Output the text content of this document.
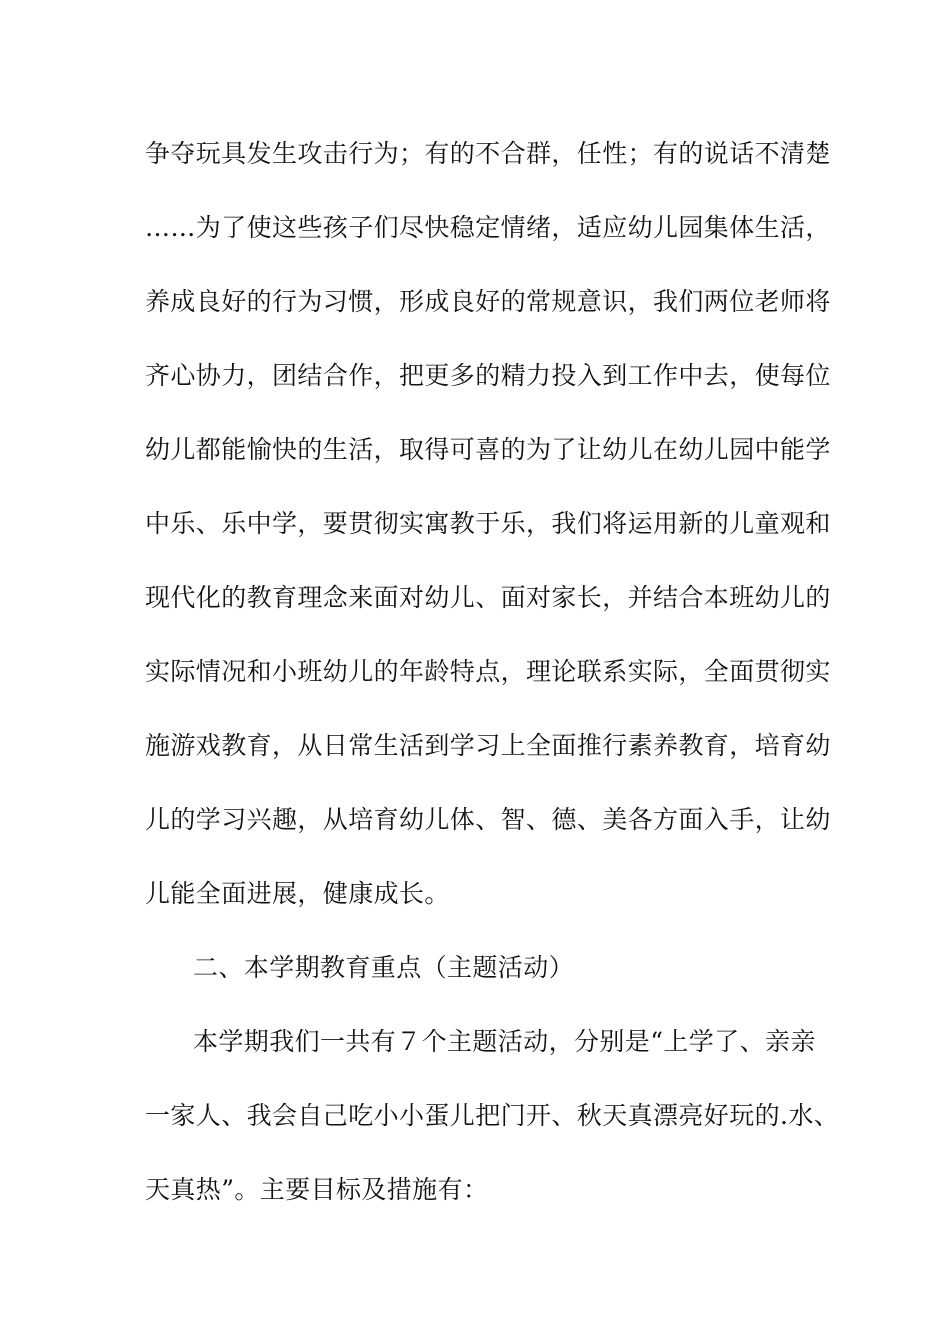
争夺玩具发生攻击行为；有的不合群，任性；有的说话不清楚
……为了使这些孩子们尽快稳定情绪，适应幼儿园集体生活，
养成良好的行为习惯，形成良好的常规意识，我们两位老师将
齐心协力，团结合作，把更多的精力投入到工作中去，使每位
幼儿都能愉快的生活，取得可喜的为了让幼儿在幼儿园中能学
中乐、乐中学，要贯彻实寓教于乐，我们将运用新的儿童观和
现代化的教育理念来面对幼儿、面对家长，并结合本班幼儿的
实际情况和小班幼儿的年龄特点，理论联系实际，全面贯彻实
施游戏教育，从日常生活到学习上全面推行素养教育，培育幼
儿的学习兴趣，从培育幼儿体、智、德、美各方面入手，让幼
儿能全面进展，健康成长。
二、本学期教育重点（主题活动）
本学期我们一共有７个主题活动，分别是“上学了、亲亲
一家人、我会自己吃小小蛋儿把门开、秋天真漂亮好玩的.水、
天真热”。主要目标及措施有：
